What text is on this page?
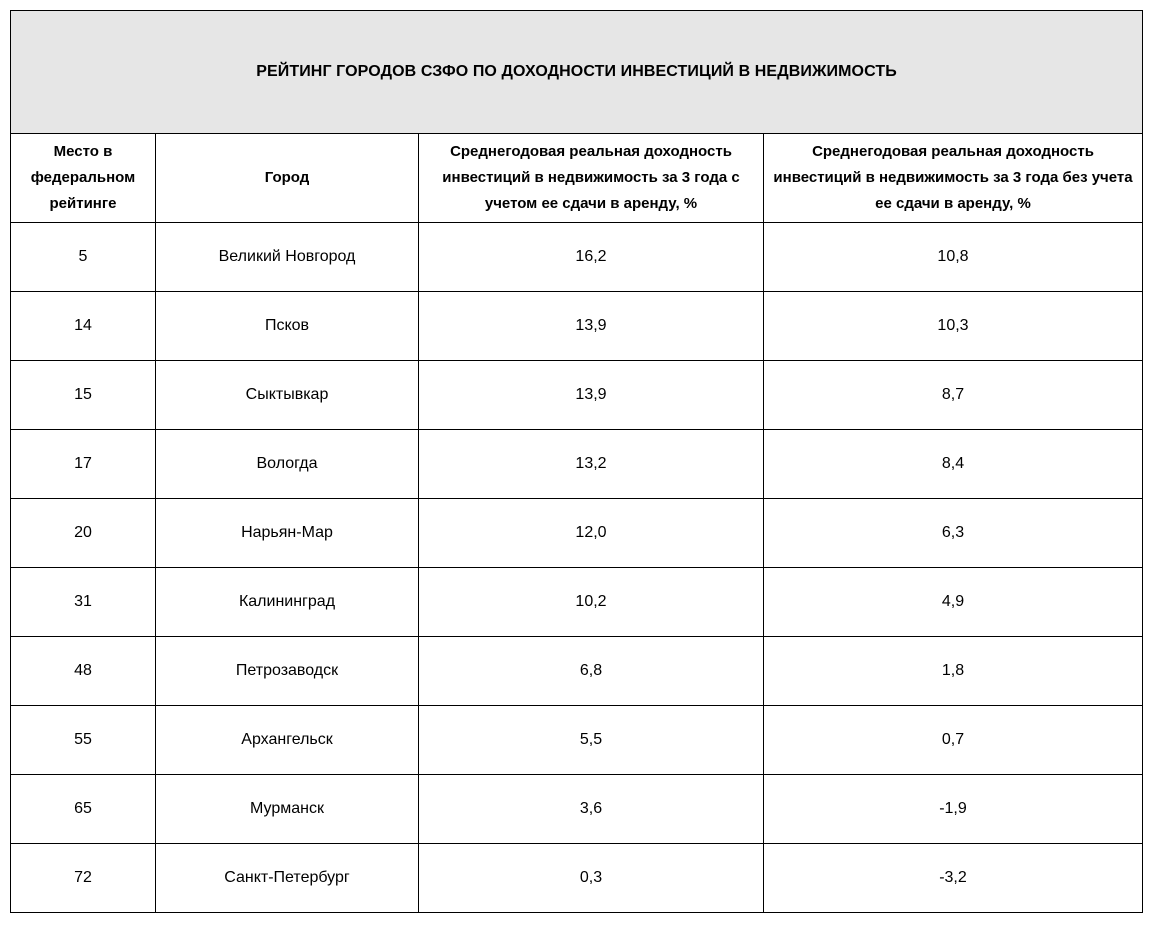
РЕЙТИНГ ГОРОДОВ СЗФО ПО ДОХОДНОСТИ ИНВЕСТИЦИЙ В НЕДВИЖИМОСТЬ			
Место в федеральном рейтинге	Город	Среднегодовая реальная доходность инвестиций в недвижимость за 3 года с учетом ее сдачи в аренду, %	Среднегодовая реальная доходность инвестиций в недвижимость за 3 года без учета ее сдачи в аренду, %
5	Великий Новгород	16,2	10,8
14	Псков	13,9	10,3
15	Сыктывкар	13,9	8,7
17	Вологда	13,2	8,4
20	Нарьян-Мар	12,0	6,3
31	Калининград	10,2	4,9
48	Петрозаводск	6,8	1,8
55	Архангельск	5,5	0,7
65	Мурманск	3,6	-1,9
72	Санкт-Петербург	0,3	-3,2
